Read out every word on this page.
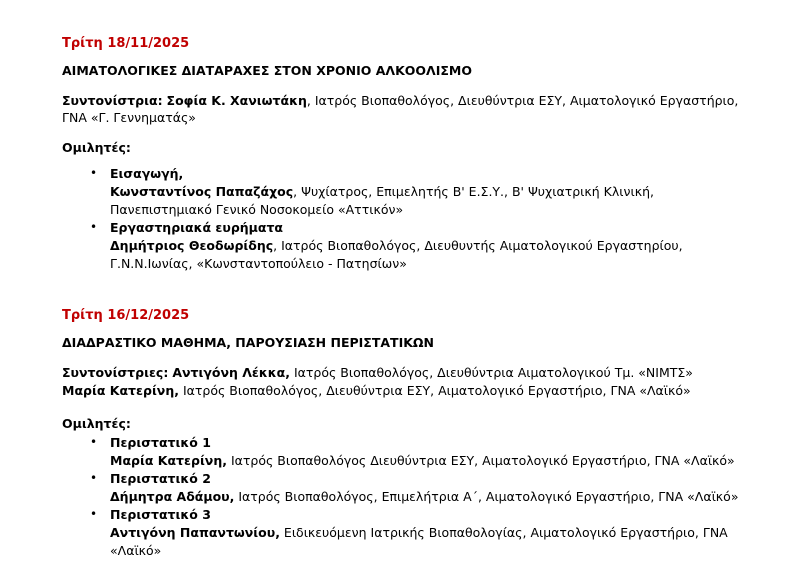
Τρίτη 18/11/2025
ΑΙΜΑΤΟΛΟΓΙΚΕΣ ΔΙΑΤΑΡΑΧΕΣ ΣΤΟΝ ΧΡΟΝΙΟ ΑΛΚΟΟΛΙΣΜΟ
Συντονίστρια: Σοφία Κ. Χανιωτάκη, Ιατρός Βιοπαθολόγος, Διευθύντρια ΕΣΥ, Αιματολογικό Εργαστήριο,
ΓΝΑ «Γ. Γεννηματάς»
Ομιλητές:
• Εισαγωγή,
Κωνσταντίνος Παπαζάχος, Ψυχίατρος, Επιμελητής Β' Ε.Σ.Υ., Β' Ψυχιατρική Κλινική,
Πανεπιστημιακό Γενικό Νοσοκομείο «Αττικόν»
• Εργαστηριακά ευρήματα
Δημήτριος Θεοδωρίδης, Ιατρός Βιοπαθολόγος, Διευθυντής Αιματολογικού Εργαστηρίου,
Γ.Ν.Ν.Ιωνίας, «Κωνσταντοπούλειο - Πατησίων»
Τρίτη 16/12/2025
ΔΙΑΔΡΑΣΤΙΚΟ ΜΑΘΗΜΑ, ΠΑΡΟΥΣΙΑΣΗ ΠΕΡΙΣΤΑΤΙΚΩΝ
Συντονίστριες: Αντιγόνη Λέκκα, Ιατρός Βιοπαθολόγος, Διευθύντρια Αιματολογικού Τμ. «ΝΙΜΤΣ»
Μαρία Κατερίνη, Ιατρός Βιοπαθολόγος, Διευθύντρια ΕΣΥ, Αιματολογικό Εργαστήριο, ΓΝΑ «Λαϊκό»
Ομιλητές:
• Περιστατικό 1
Μαρία Κατερίνη, Ιατρός Βιοπαθολόγος Διευθύντρια ΕΣΥ, Αιματολογικό Εργαστήριο, ΓΝΑ «Λαϊκό»
• Περιστατικό 2
Δήμητρα Αδάμου, Ιατρός Βιοπαθολόγος, Επιμελήτρια Α΄, Αιματολογικό Εργαστήριο, ΓΝΑ «Λαϊκό»
• Περιστατικό 3
Αντιγόνη Παπαντωνίου, Ειδικευόμενη Ιατρικής Βιοπαθολογίας, Αιματολογικό Εργαστήριο, ΓΝΑ
«Λαϊκό»
